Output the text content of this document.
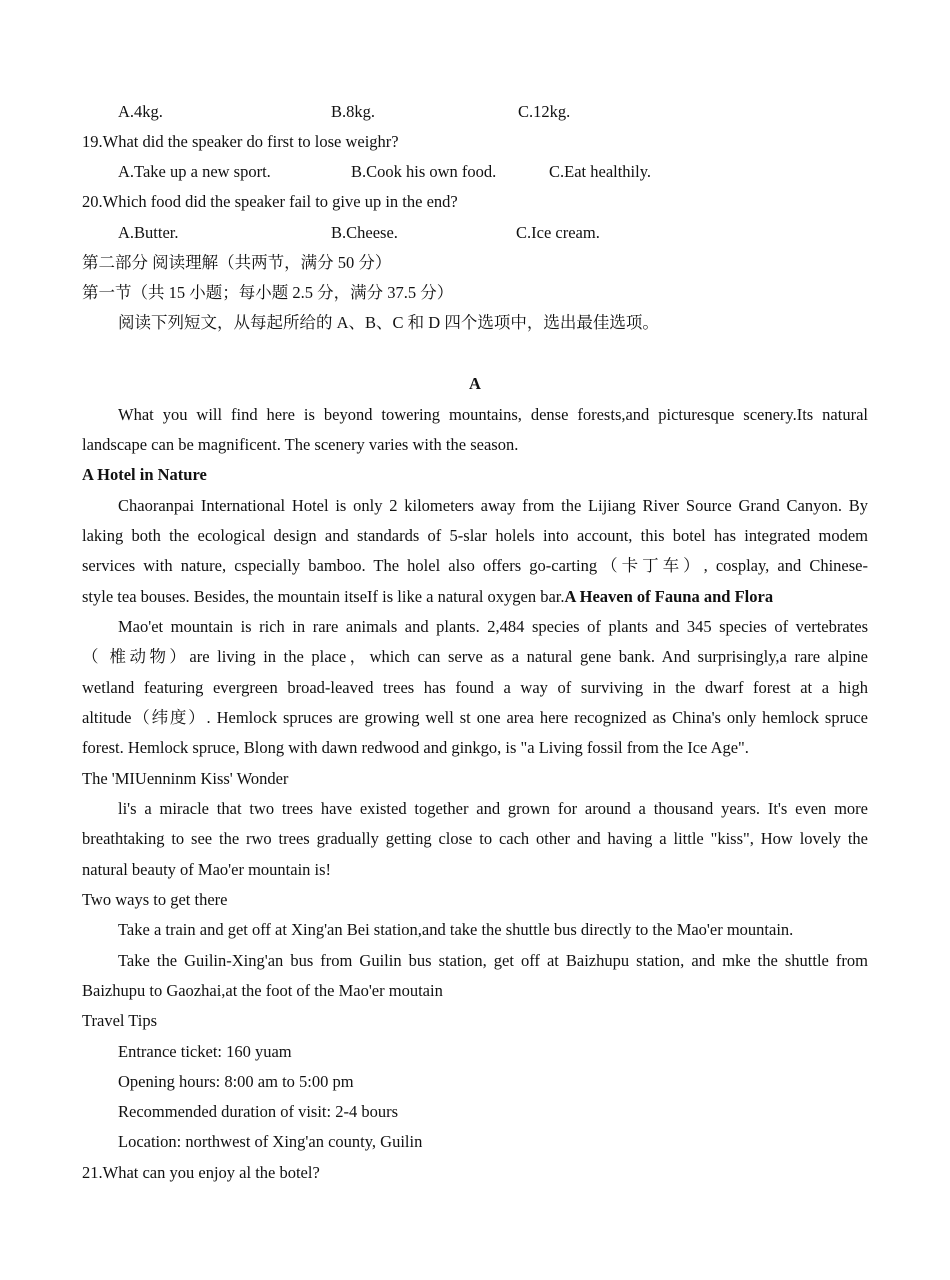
A.4kg.	B.8kg.	C.12kg.
19.What did the speaker do first to lose weighr?
A.Take up a new sport.	B.Cook his own food.	C.Eat healthily.
20.Which food did the speaker fail to give up in the end?
A.Butter.	B.Cheese.	C.Ice cream.
第二部分 阅读理解（共两节，满分 50 分）
第一节（共 15 小题；每小题 2.5 分，满分 37.5 分）
阅读下列短文，从每起所给的 A、B、C 和 D 四个选项中，选出最佳选项。
A
What you will find here is beyond towering mountains, dense forests,and picturesque scenery.Its natural
landscape can be magnificent. The scenery varies with the season.
A Hotel in Nature
Chaoranpai International Hotel is only 2 kilometers away from the Lijiang River Source Grand Canyon. By
laking both the ecological design and standards of 5-slar holels into account, this botel has integrated modem
services with nature, cspecially bamboo. The holel also offers go-carting（卡丁车）, cosplay, and Chinese-
style tea bouses. Besides, the mountain itseIf is like a natural oxygen bar.A Heaven of Fauna and Flora
Mao'et mountain is rich in rare animals and plants. 2,484 species of plants and 345 species of vertebrates
（ 椎动物）are living in the place，which can serve as a natural gene bank. And surprisingly,a rare alpine
wetland featuring evergreen broad-leaved trees has found a way of surviving in the dwarf forest at a high
altitude（纬度）. Hemlock spruces are growing well st one area here recognized as China's only hemlock spruce
forest. Hemlock spruce, Blong with dawn redwood and ginkgo, is "a Living fossil from the Ice Age".
The 'MIUenninm Kiss' Wonder
li's a miracle that two trees have existed together and grown for around a thousand years. It's even more
breathtaking to see the rwo trees gradually getting close to cach other and having a little "kiss", How lovely the
natural beauty of Mao'er mountain is!
Two ways to get there
Take a train and get off at Xing'an Bei station,and take the shuttle bus directly to the Mao'er mountain.
Take the Guilin-Xing'an bus from Guilin bus station, get off at Baizhupu station, and mke the shuttle from
Baizhupu to Gaozhai,at the foot of the Mao'er moutain
Travel Tips
Entrance ticket: 160 yuam
Opening hours: 8:00 am to 5:00 pm
Recommended duration of visit: 2-4 bours
Location: northwest of Xing'an county, Guilin
21.What can you enjoy al the botel?
